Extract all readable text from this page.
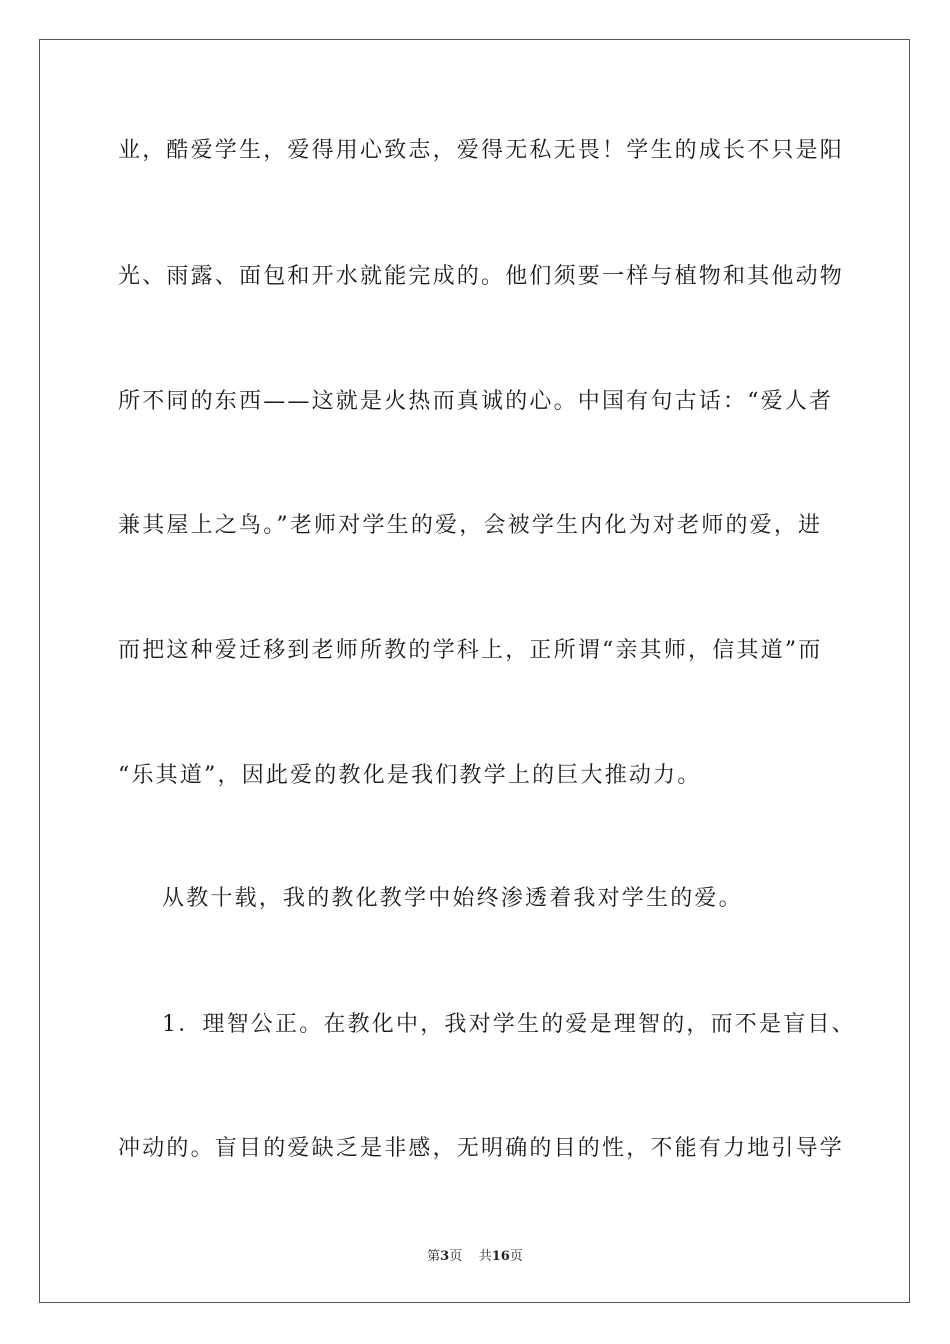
业，酷爱学生，爱得用心致志，爱得无私无畏！学生的成长不只是阳
光、雨露、面包和开水就能完成的。他们须要一样与植物和其他动物
所不同的东西——这就是火热而真诚的心。中国有句古话：“爱人者
兼其屋上之鸟。”老师对学生的爱，会被学生内化为对老师的爱，进
而把这种爱迁移到老师所教的学科上，正所谓“亲其师，信其道”而
“乐其道”，因此爱的教化是我们教学上的巨大推动力。
从教十载，我的教化教学中始终渗透着我对学生的爱。
1．理智公正。在教化中，我对学生的爱是理智的，而不是盲目、
冲动的。盲目的爱缺乏是非感，无明确的目的性，不能有力地引导学
第3页 共16页
